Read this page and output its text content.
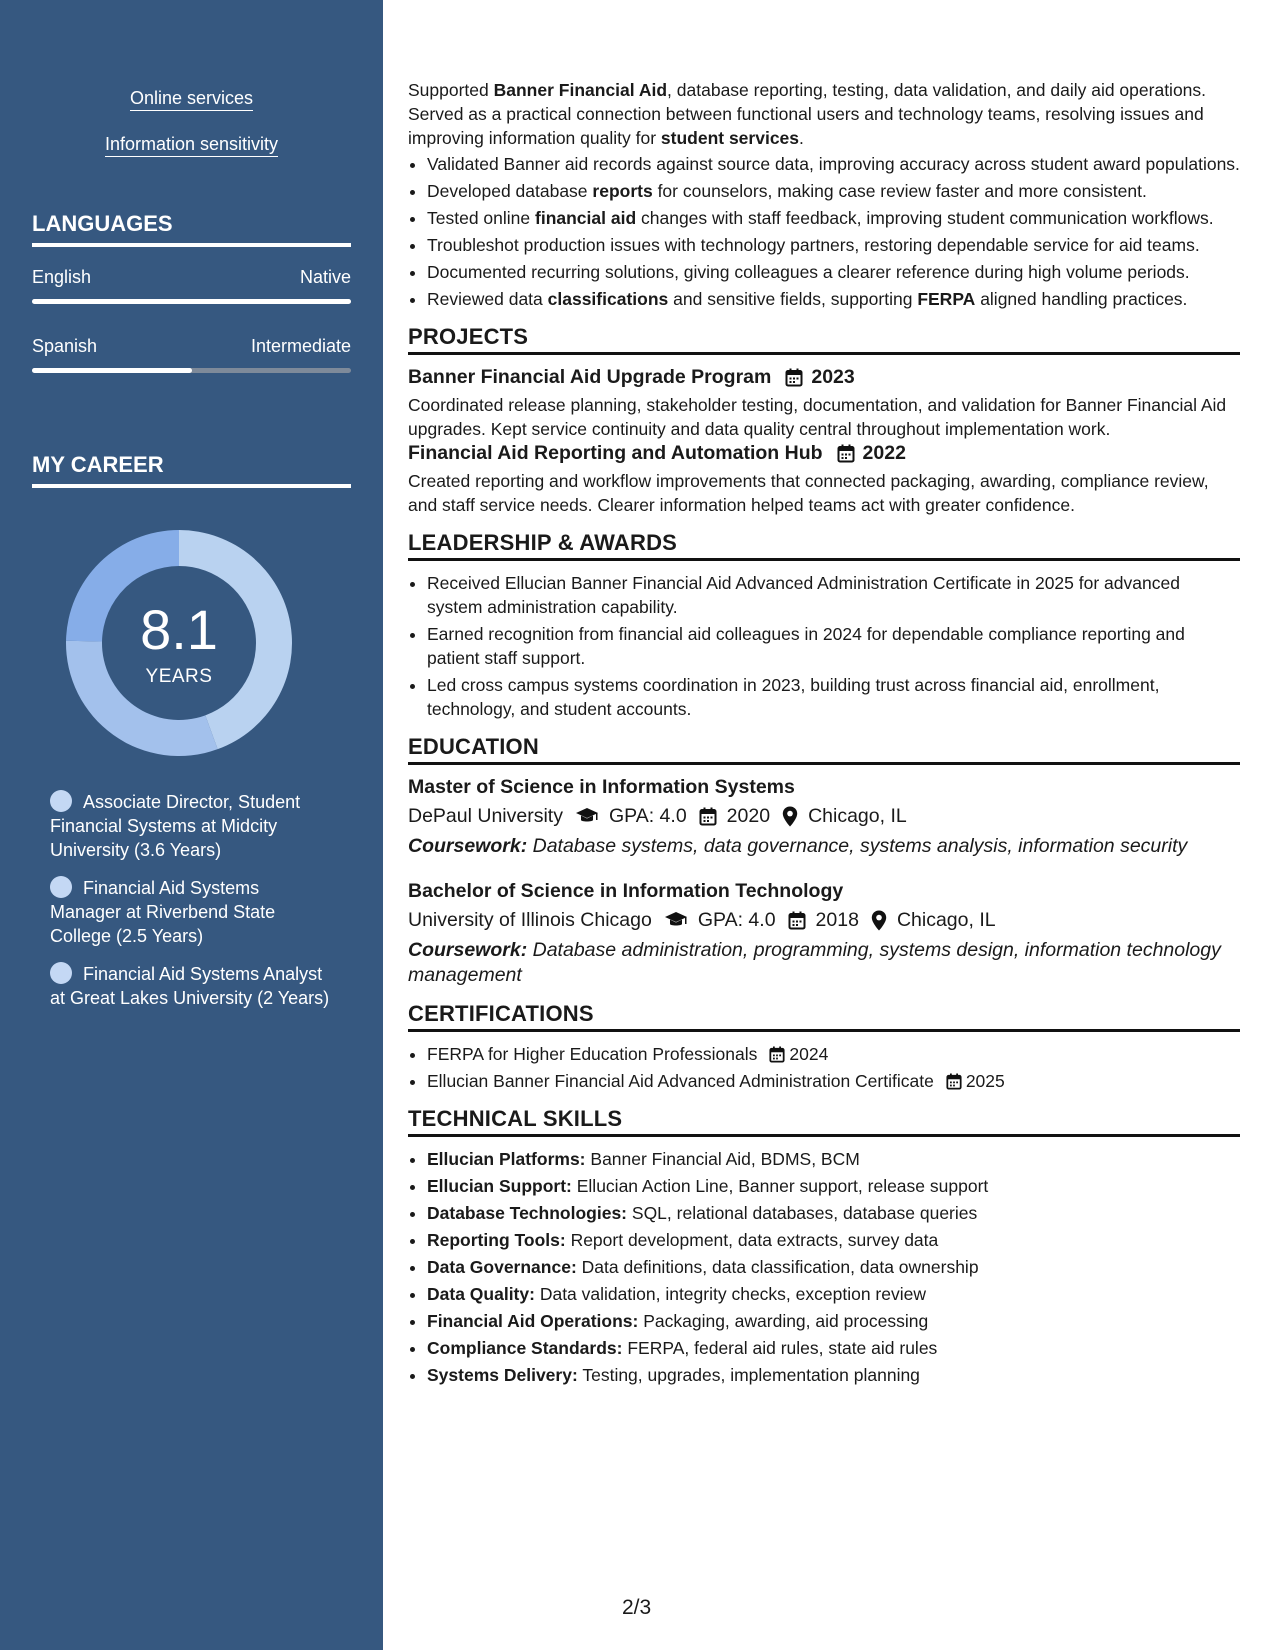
Online services
Information sensitivity
LANGUAGES
English	Native
Spanish	Intermediate
MY CAREER
8.1
YEARS
Associate Director, Student Financial Systems at Midcity University (3.6 Years)
Financial Aid Systems Manager at Riverbend State College (2.5 Years)
Financial Aid Systems Analyst at Great Lakes University (2 Years)

Supported Banner Financial Aid, database reporting, testing, data validation, and daily aid operations. Served as a practical connection between functional users and technology teams, resolving issues and improving information quality for student services.

• Validated Banner aid records against source data, improving accuracy across student award populations.
• Developed database reports for counselors, making case review faster and more consistent.
• Tested online financial aid changes with staff feedback, improving student communication workflows.
• Troubleshot production issues with technology partners, restoring dependable service for aid teams.
• Documented recurring solutions, giving colleagues a clearer reference during high volume periods.
• Reviewed data classifications and sensitive fields, supporting FERPA aligned handling practices.
PROJECTS
Banner Financial Aid Upgrade Program 2023

Coordinated release planning, stakeholder testing, documentation, and validation for Banner Financial Aid upgrades. Kept service continuity and data quality central throughout implementation work.

Financial Aid Reporting and Automation Hub 2022

Created reporting and workflow improvements that connected packaging, awarding, compliance review, and staff service needs. Clearer information helped teams act with greater confidence.

LEADERSHIP & AWARDS
• Received Ellucian Banner Financial Aid Advanced Administration Certificate in 2025 for advanced system administration capability.
• Earned recognition from financial aid colleagues in 2024 for dependable compliance reporting and patient staff support.
• Led cross campus systems coordination in 2023, building trust across financial aid, enrollment, technology, and student accounts.
EDUCATION
Master of Science in Information Systems
DePaul University GPA: 4.0 2020 Chicago, IL
Coursework: Database systems, data governance, systems analysis, information security
Bachelor of Science in Information Technology
University of Illinois Chicago GPA: 4.0 2018 Chicago, IL
Coursework: Database administration, programming, systems design, information technology management
CERTIFICATIONS
• FERPA for Higher Education Professionals 2024
• Ellucian Banner Financial Aid Advanced Administration Certificate 2025
TECHNICAL SKILLS
• Ellucian Platforms: Banner Financial Aid, BDMS, BCM
• Ellucian Support: Ellucian Action Line, Banner support, release support
• Database Technologies: SQL, relational databases, database queries
• Reporting Tools: Report development, data extracts, survey data
• Data Governance: Data definitions, data classification, data ownership
• Data Quality: Data validation, integrity checks, exception review
• Financial Aid Operations: Packaging, awarding, aid processing
• Compliance Standards: FERPA, federal aid rules, state aid rules
• Systems Delivery: Testing, upgrades, implementation planning
2/3
